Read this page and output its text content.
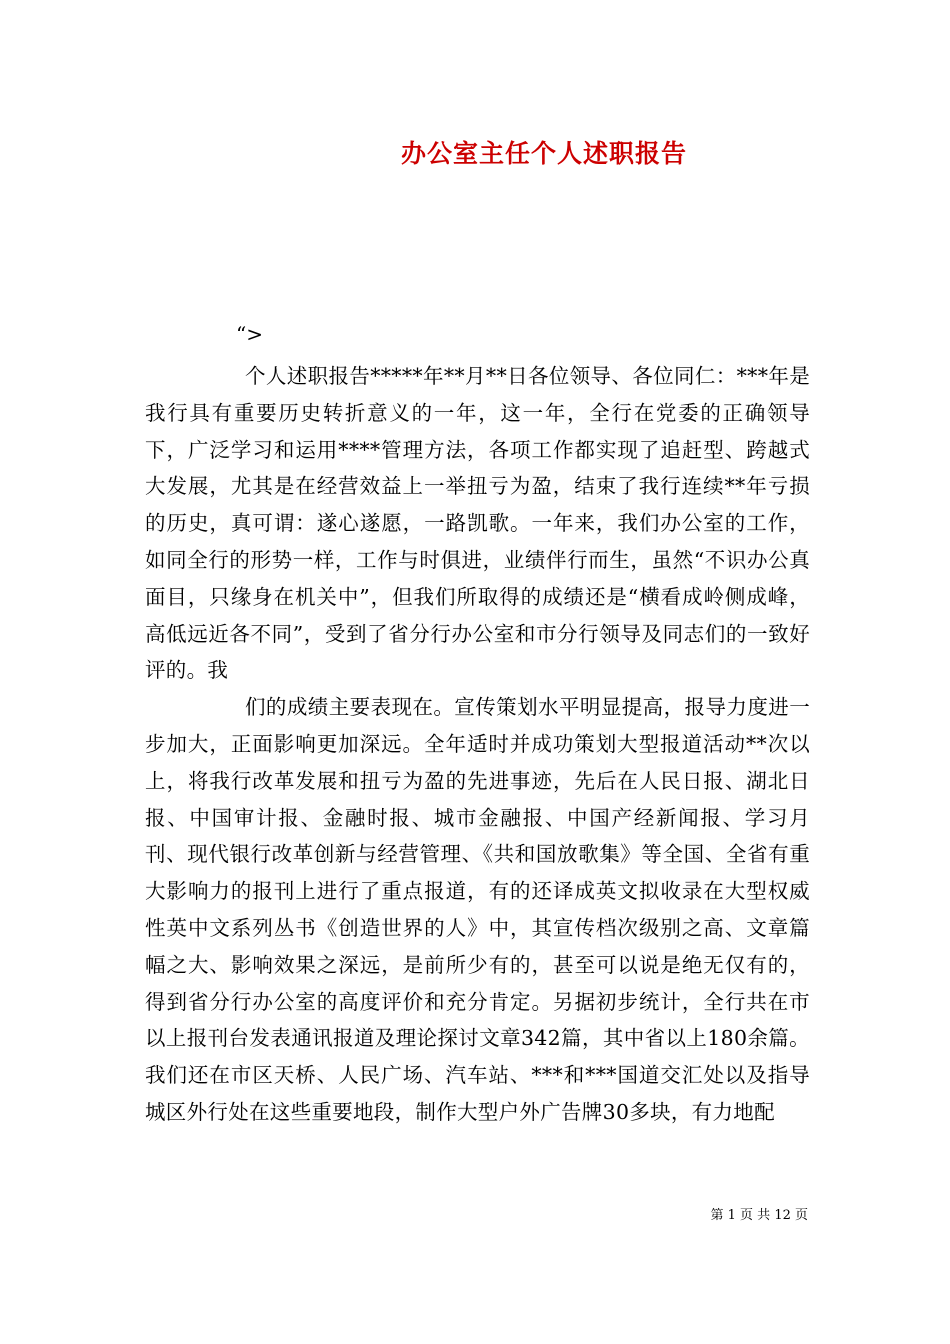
办公室主任个人述职报告

“>

个人述职报告*****年**月**日各位领导、各位同仁：***年是我行具有重要历史转折意义的一年，这一年，全行在党委的正确领导下，广泛学习和运用****管理方法，各项工作都实现了追赶型、跨越式大发展，尤其是在经营效益上一举扭亏为盈，结束了我行连续**年亏损的历史，真可谓：遂心遂愿，一路凯歌。一年来，我们办公室的工作，如同全行的形势一样，工作与时俱进，业绩伴行而生，虽然“不识办公真面目，只缘身在机关中”，但我们所取得的成绩还是“横看成岭侧成峰，高低远近各不同”，受到了省分行办公室和市分行领导及同志们的一致好评的。我

们的成绩主要表现在。宣传策划水平明显提高，报导力度进一步加大，正面影响更加深远。全年适时并成功策划大型报道活动**次以上，将我行改革发展和扭亏为盈的先进事迹，先后在人民日报、湖北日报、中国审计报、金融时报、城市金融报、中国产经新闻报、学习月刊、现代银行改革创新与经营管理、《共和国放歌集》等全国、全省有重大影响力的报刊上进行了重点报道，有的还译成英文拟收录在大型权威性英中文系列丛书《创造世界的人》中，其宣传档次级别之高、文章篇幅之大、影响效果之深远，是前所少有的，甚至可以说是绝无仅有的，得到省分行办公室的高度评价和充分肯定。另据初步统计，全行共在市以上报刊台发表通讯报道及理论探讨文章342篇，其中省以上180余篇。我们还在市区天桥、人民广场、汽车站、***和***国道交汇处以及指导城区外行处在这些重要地段，制作大型户外广告牌30多块，有力地配

第 1 页 共 12 页
